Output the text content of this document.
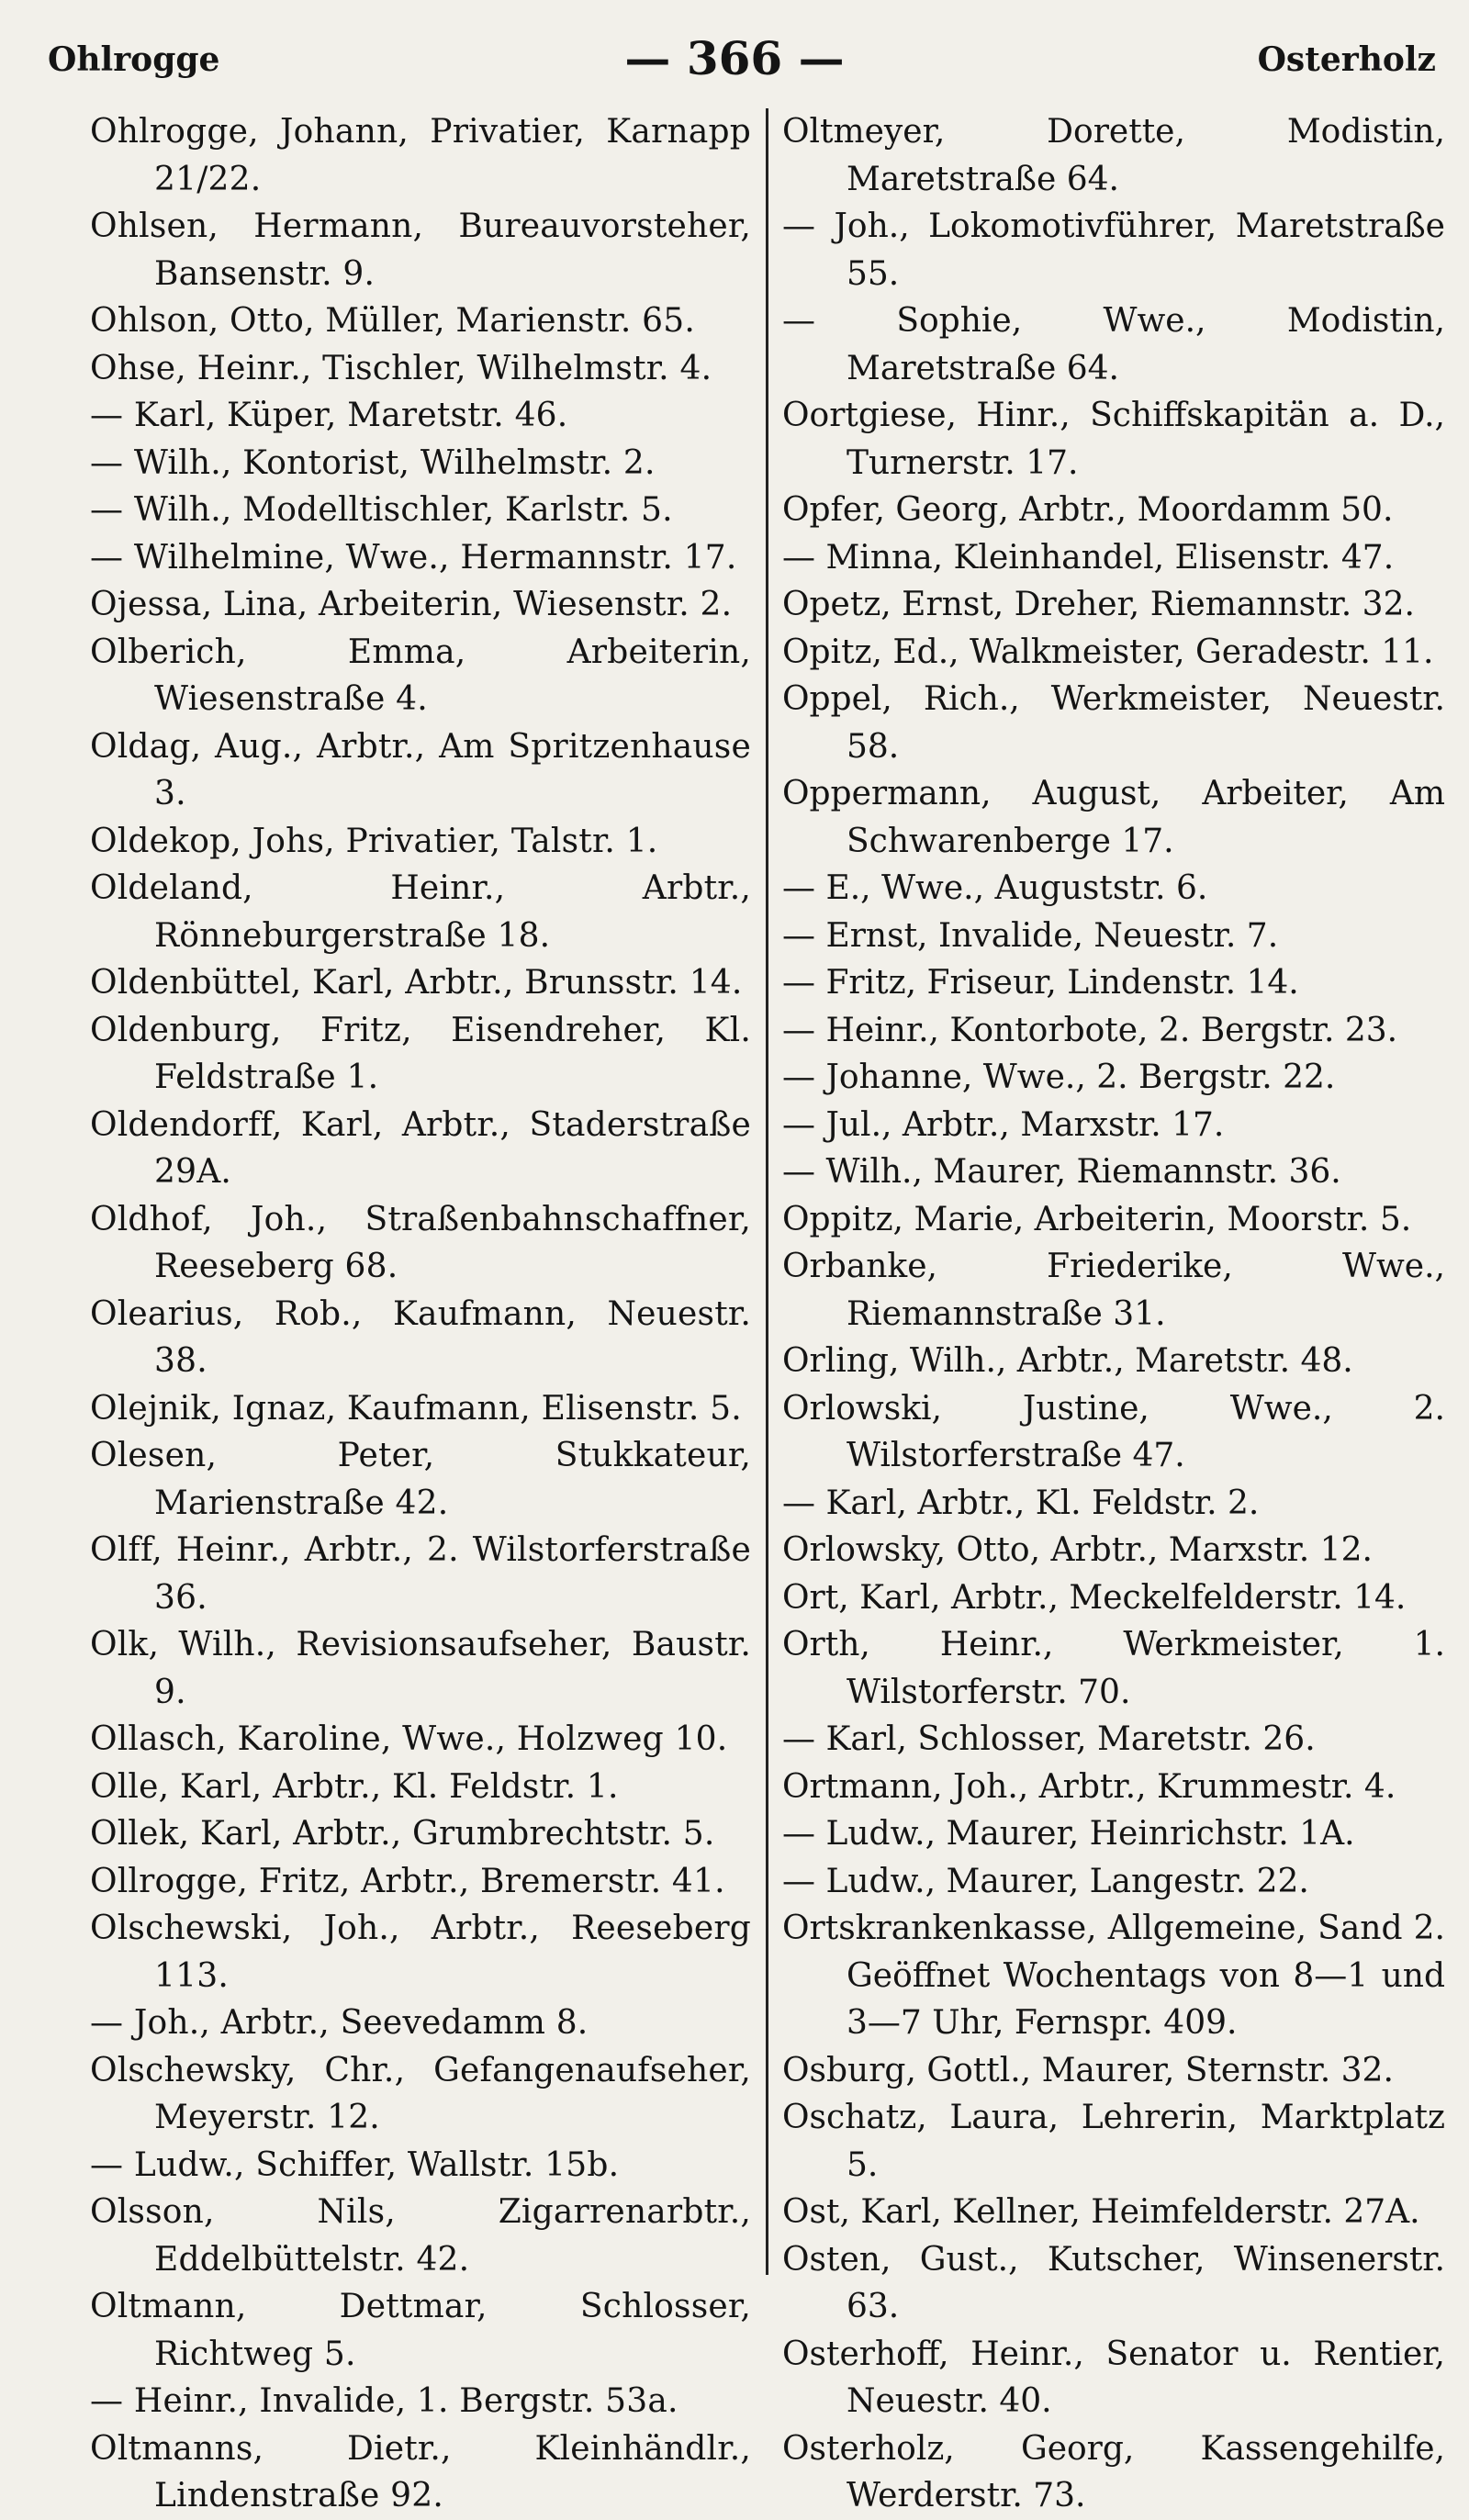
Ohlrogge	— 366 —	Osterholz
Ohlrogge, Johann, Privatier, Karnapp 21/22.
Ohlsen, Hermann, Bureauvorsteher, Bansenstr. 9.
Ohlson, Otto, Müller, Marienstr. 65.
Ohse, Heinr., Tischler, Wilhelmstr. 4.
— Karl, Küper, Maretstr. 46.
— Wilh., Kontorist, Wilhelmstr. 2.
— Wilh., Modelltischler, Karlstr. 5.
— Wilhelmine, Wwe., Hermannstr. 17.
Ojessa, Lina, Arbeiterin, Wiesenstr. 2.
Olberich, Emma, Arbeiterin, Wiesenstraße 4.
Oldag, Aug., Arbtr., Am Spritzenhause 3.
Oldekop, Johs, Privatier, Talstr. 1.
Oldeland, Heinr., Arbtr., Rönneburgerstraße 18.
Oldenbüttel, Karl, Arbtr., Brunsstr. 14.
Oldenburg, Fritz, Eisendreher, Kl. Feldstraße 1.
Oldendorff, Karl, Arbtr., Staderstraße 29A.
Oldhof, Joh., Straßenbahnschaffner, Reeseberg 68.
Olearius, Rob., Kaufmann, Neuestr. 38.
Olejnik, Ignaz, Kaufmann, Elisenstr. 5.
Olesen, Peter, Stukkateur, Marienstraße 42.
Olff, Heinr., Arbtr., 2. Wilstorferstraße 36.
Olk, Wilh., Revisionsaufseher, Baustr. 9.
Ollasch, Karoline, Wwe., Holzweg 10.
Olle, Karl, Arbtr., Kl. Feldstr. 1.
Ollek, Karl, Arbtr., Grumbrechtstr. 5.
Ollrogge, Fritz, Arbtr., Bremerstr. 41.
Olschewski, Joh., Arbtr., Reeseberg 113.
— Joh., Arbtr., Seevedamm 8.
Olschewsky, Chr., Gefangenaufseher, Meyerstr. 12.
— Ludw., Schiffer, Wallstr. 15b.
Olsson, Nils, Zigarrenarbtr., Eddelbüttelstr. 42.
Oltmann, Dettmar, Schlosser, Richtweg 5.
— Heinr., Invalide, 1. Bergstr. 53a.
Oltmanns, Dietr., Kleinhändlr., Lindenstraße 92.
Oltmeyer, Dorette, Modistin, Maretstraße 64.
— Joh., Lokomotivführer, Maretstraße 55.
— Sophie, Wwe., Modistin, Maretstraße 64.
Oortgiese, Hinr., Schiffskapitän a. D., Turnerstr. 17.
Opfer, Georg, Arbtr., Moordamm 50.
— Minna, Kleinhandel, Elisenstr. 47.
Opetz, Ernst, Dreher, Riemannstr. 32.
Opitz, Ed., Walkmeister, Geradestr. 11.
Oppel, Rich., Werkmeister, Neuestr. 58.
Oppermann, August, Arbeiter, Am Schwarenberge 17.
— E., Wwe., Auguststr. 6.
— Ernst, Invalide, Neuestr. 7.
— Fritz, Friseur, Lindenstr. 14.
— Heinr., Kontorbote, 2. Bergstr. 23.
— Johanne, Wwe., 2. Bergstr. 22.
— Jul., Arbtr., Marxstr. 17.
— Wilh., Maurer, Riemannstr. 36.
Oppitz, Marie, Arbeiterin, Moorstr. 5.
Orbanke, Friederike, Wwe., Riemannstraße 31.
Orling, Wilh., Arbtr., Maretstr. 48.
Orlowski, Justine, Wwe., 2. Wilstorferstraße 47.
— Karl, Arbtr., Kl. Feldstr. 2.
Orlowsky, Otto, Arbtr., Marxstr. 12.
Ort, Karl, Arbtr., Meckelfelderstr. 14.
Orth, Heinr., Werkmeister, 1. Wilstorferstr. 70.
— Karl, Schlosser, Maretstr. 26.
Ortmann, Joh., Arbtr., Krummestr. 4.
— Ludw., Maurer, Heinrichstr. 1A.
— Ludw., Maurer, Langestr. 22.
Ortskrankenkasse, Allgemeine, Sand 2. Geöffnet Wochentags von 8—1 und 3—7 Uhr, Fernspr. 409.
Osburg, Gottl., Maurer, Sternstr. 32.
Oschatz, Laura, Lehrerin, Marktplatz 5.
Ost, Karl, Kellner, Heimfelderstr. 27A.
Osten, Gust., Kutscher, Winsenerstr. 63.
Osterhoff, Heinr., Senator u. Rentier, Neuestr. 40.
Osterholz, Georg, Kassengehilfe, Werderstr. 73.
